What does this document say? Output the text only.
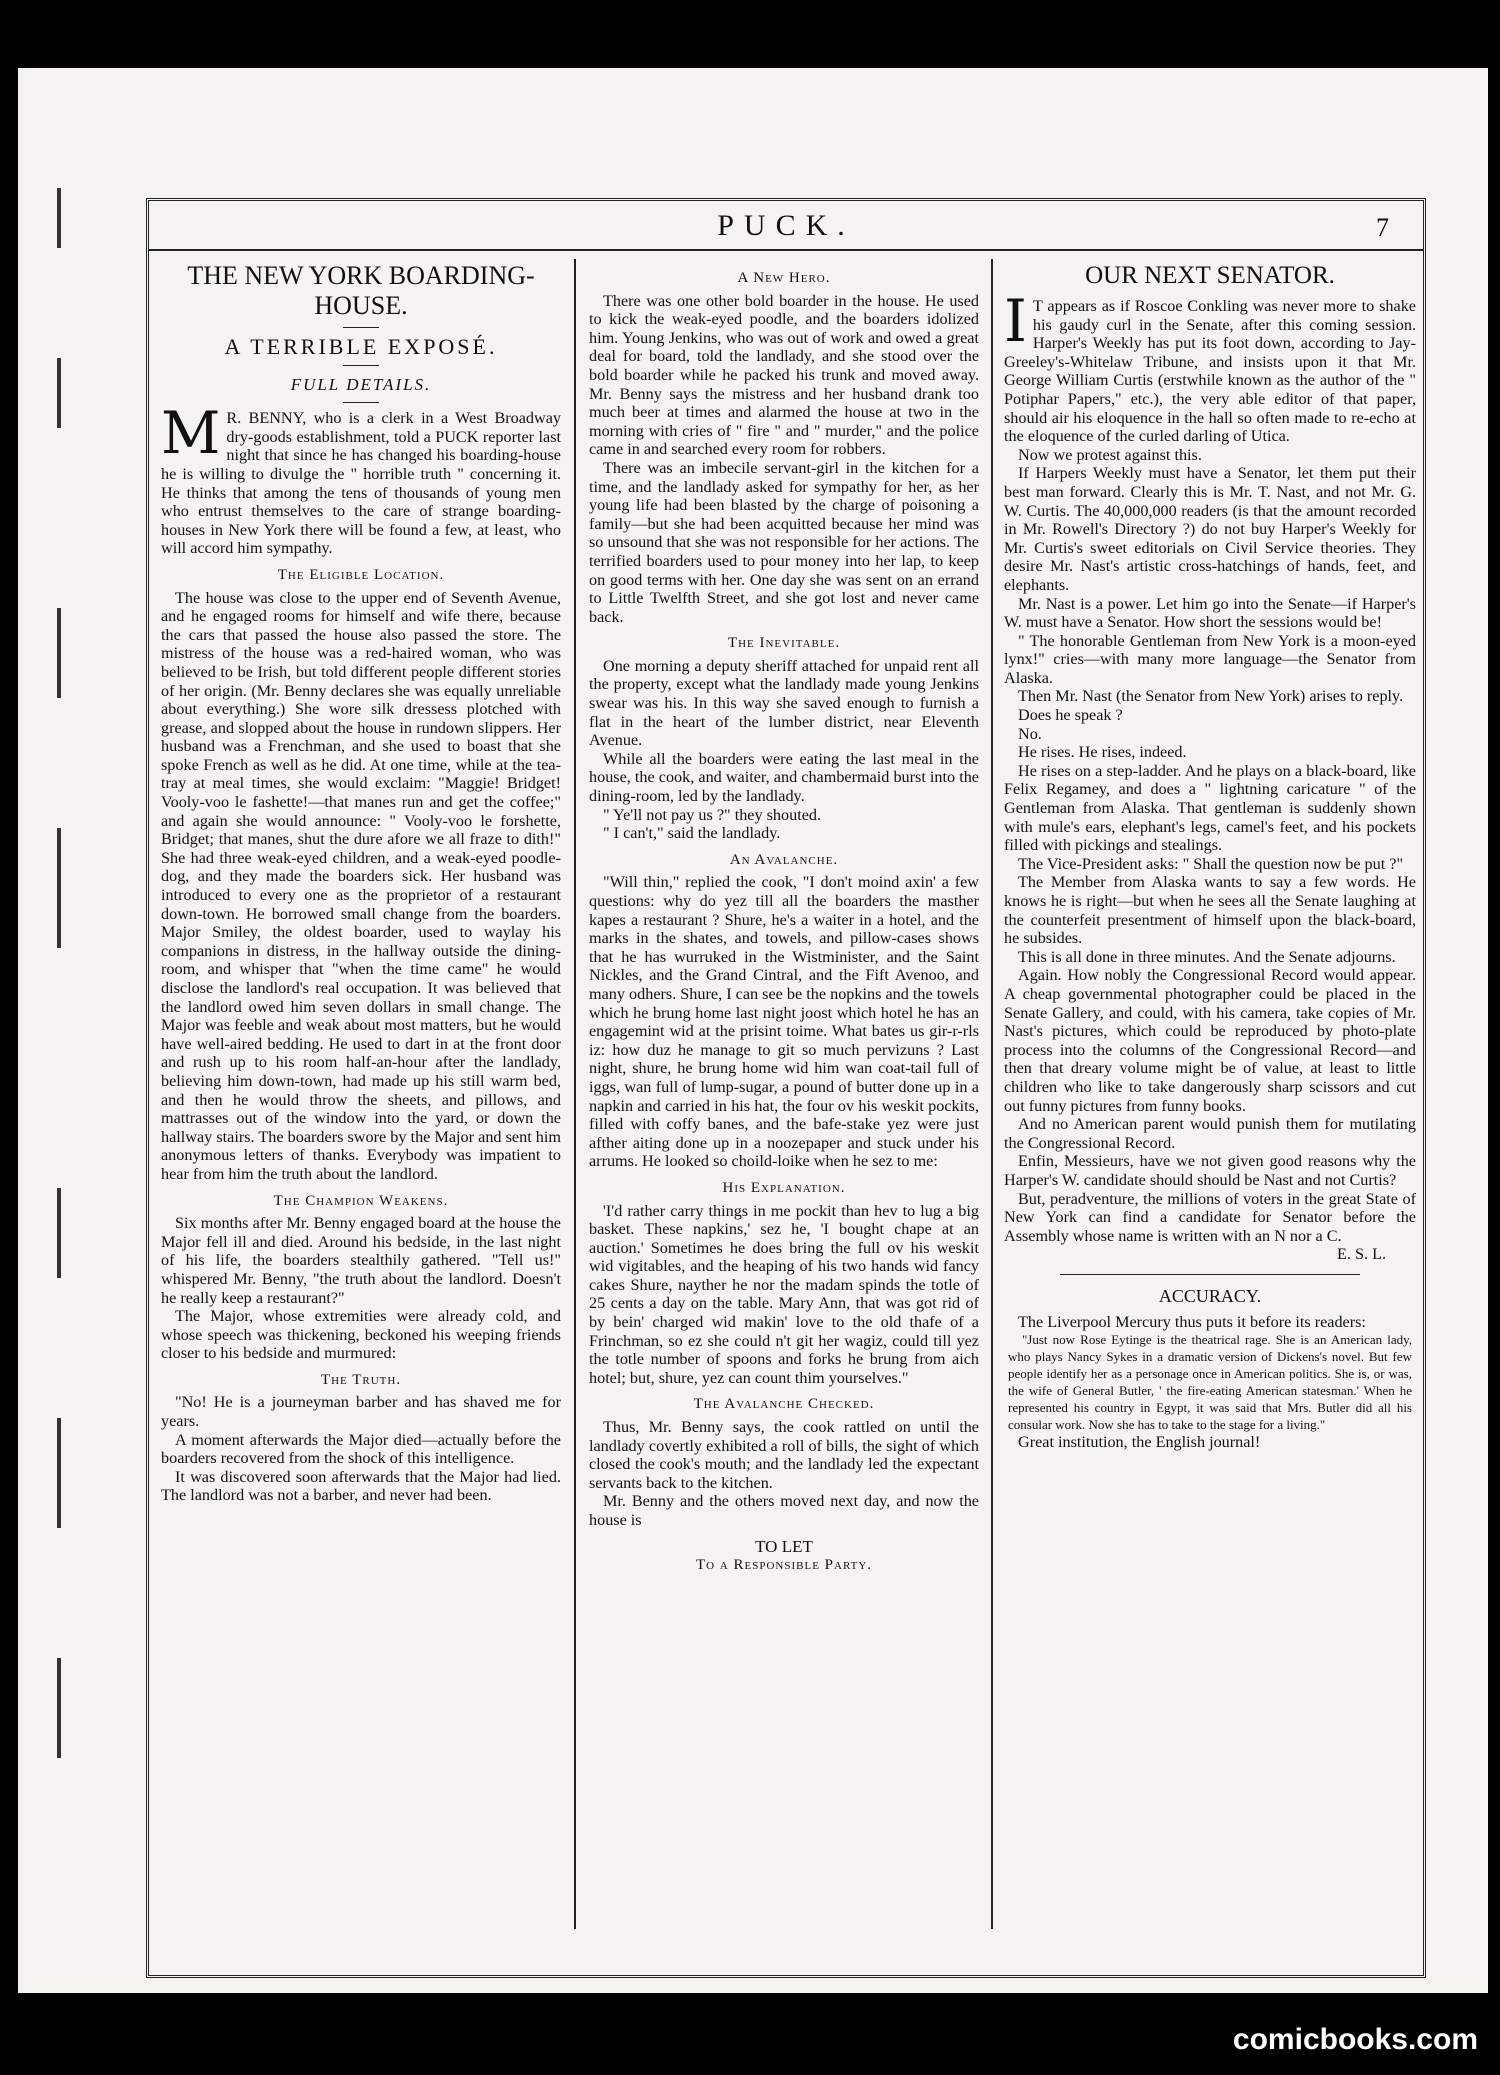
PUCK.	7
THE NEW YORK BOARDING-HOUSE.
A TERRIBLE EXPOSÉ.
FULL DETAILS.

M R. BENNY, who is a clerk in a West Broadway dry-goods establishment, told a PUCK reporter last night that since he has changed his boarding-house he is willing to divulge the " horrible truth " concerning it. He thinks that among the tens of thousands of young men who entrust themselves to the care of strange boarding-houses in New York there will be found a few, at least, who will accord him sympathy.

The Eligible Location.

The house was close to the upper end of Seventh Avenue, and he engaged rooms for himself and wife there, because the cars that passed the house also passed the store. The mistress of the house was a red-haired woman, who was believed to be Irish, but told different people different stories of her origin. (Mr. Benny declares she was equally unreliable about everything.) She wore silk dressess plotched with grease, and slopped about the house in rundown slippers. Her husband was a Frenchman, and she used to boast that she spoke French as well as he did. At one time, while at the tea-tray at meal times, she would exclaim: "Maggie! Bridget! Vooly-voo le fashette!—that manes run and get the coffee;" and again she would announce: " Vooly-voo le forshette, Bridget; that manes, shut the dure afore we all fraze to dith!" She had three weak-eyed children, and a weak-eyed poodle-dog, and they made the boarders sick. Her husband was introduced to every one as the proprietor of a restaurant down-town. He borrowed small change from the boarders. Major Smiley, the oldest boarder, used to waylay his companions in distress, in the hallway outside the dining-room, and whisper that "when the time came" he would disclose the landlord's real occupation. It was believed that the landlord owed him seven dollars in small change. The Major was feeble and weak about most matters, but he would have well-aired bedding. He used to dart in at the front door and rush up to his room half-an-hour after the landlady, believing him down-town, had made up his still warm bed, and then he would throw the sheets, and pillows, and mattrasses out of the window into the yard, or down the hallway stairs. The boarders swore by the Major and sent him anonymous letters of thanks. Everybody was impatient to hear from him the truth about the landlord.

The Champion Weakens.

Six months after Mr. Benny engaged board at the house the Major fell ill and died. Around his bedside, in the last night of his life, the boarders stealthily gathered. "Tell us!" whispered Mr. Benny, "the truth about the landlord. Doesn't he really keep a restaurant?"

The Major, whose extremities were already cold, and whose speech was thickening, beckoned his weeping friends closer to his bedside and murmured:

The Truth.

"No! He is a journeyman barber and has shaved me for years.

A moment afterwards the Major died—actually before the boarders recovered from the shock of this intelligence.

It was discovered soon afterwards that the Major had lied. The landlord was not a barber, and never had been.

A New Hero.

There was one other bold boarder in the house. He used to kick the weak-eyed poodle, and the boarders idolized him. Young Jenkins, who was out of work and owed a great deal for board, told the landlady, and she stood over the bold boarder while he packed his trunk and moved away. Mr. Benny says the mistress and her husband drank too much beer at times and alarmed the house at two in the morning with cries of " fire " and " murder," and the police came in and searched every room for robbers.

There was an imbecile servant-girl in the kitchen for a time, and the landlady asked for sympathy for her, as her young life had been blasted by the charge of poisoning a family—but she had been acquitted because her mind was so unsound that she was not responsible for her actions. The terrified boarders used to pour money into her lap, to keep on good terms with her. One day she was sent on an errand to Little Twelfth Street, and she got lost and never came back.

The Inevitable.

One morning a deputy sheriff attached for unpaid rent all the property, except what the landlady made young Jenkins swear was his. In this way she saved enough to furnish a flat in the heart of the lumber district, near Eleventh Avenue.

While all the boarders were eating the last meal in the house, the cook, and waiter, and chambermaid burst into the dining-room, led by the landlady.

" Ye'll not pay us ?" they shouted.

" I can't," said the landlady.

An Avalanche.

"Will thin," replied the cook, "I don't moind axin' a few questions: why do yez till all the boarders the masther kapes a restaurant ? Shure, he's a waiter in a hotel, and the marks in the shates, and towels, and pillow-cases shows that he has wurruked in the Wistminister, and the Saint Nickles, and the Grand Cintral, and the Fift Avenoo, and many odhers. Shure, I can see be the nopkins and the towels which he brung home last night joost which hotel he has an engagemint wid at the prisint toime. What bates us gir-r-rls iz: how duz he manage to git so much pervizuns ? Last night, shure, he brung home wid him wan coat-tail full of iggs, wan full of lump-sugar, a pound of butter done up in a napkin and carried in his hat, the four ov his weskit pockits, filled with coffy banes, and the bafe-stake yez were just afther aiting done up in a noozepaper and stuck under his arrums. He looked so choild-loike when he sez to me:

His Explanation.

'I'd rather carry things in me pockit than hev to lug a big basket. These napkins,' sez he, 'I bought chape at an auction.' Sometimes he does bring the full ov his weskit wid vigitables, and the heaping of his two hands wid fancy cakes Shure, nayther he nor the madam spinds the totle of 25 cents a day on the table. Mary Ann, that was got rid of by bein' charged wid makin' love to the old thafe of a Frinchman, so ez she could n't git her wagiz, could till yez the totle number of spoons and forks he brung from aich hotel; but, shure, yez can count thim yourselves."

The Avalanche Checked.

Thus, Mr. Benny says, the cook rattled on until the landlady covertly exhibited a roll of bills, the sight of which closed the cook's mouth; and the landlady led the expectant servants back to the kitchen.

Mr. Benny and the others moved next day, and now the house is

TO LET
To a Responsible Party.
OUR NEXT SENATOR.

I T appears as if Roscoe Conkling was never more to shake his gaudy curl in the Senate, after this coming session. Harper's Weekly has put its foot down, according to Jay-Greeley's-Whitelaw Tribune, and insists upon it that Mr. George William Curtis (erstwhile known as the author of the " Potiphar Papers," etc.), the very able editor of that paper, should air his eloquence in the hall so often made to re-echo at the eloquence of the curled darling of Utica.

Now we protest against this.

If Harpers Weekly must have a Senator, let them put their best man forward. Clearly this is Mr. T. Nast, and not Mr. G. W. Curtis. The 40,000,000 readers (is that the amount recorded in Mr. Rowell's Directory ?) do not buy Harper's Weekly for Mr. Curtis's sweet editorials on Civil Service theories. They desire Mr. Nast's artistic cross-hatchings of hands, feet, and elephants.

Mr. Nast is a power. Let him go into the Senate—if Harper's W. must have a Senator. How short the sessions would be!

" The honorable Gentleman from New York is a moon-eyed lynx!" cries—with many more language—the Senator from Alaska.

Then Mr. Nast (the Senator from New York) arises to reply.

Does he speak ?

No.

He rises. He rises, indeed.

He rises on a step-ladder. And he plays on a black-board, like Felix Regamey, and does a " lightning caricature " of the Gentleman from Alaska. That gentleman is suddenly shown with mule's ears, elephant's legs, camel's feet, and his pockets filled with pickings and stealings.

The Vice-President asks: " Shall the question now be put ?"

The Member from Alaska wants to say a few words. He knows he is right—but when he sees all the Senate laughing at the counterfeit presentment of himself upon the black-board, he subsides.

This is all done in three minutes. And the Senate adjourns.

Again. How nobly the Congressional Record would appear. A cheap governmental photographer could be placed in the Senate Gallery, and could, with his camera, take copies of Mr. Nast's pictures, which could be reproduced by photo-plate process into the columns of the Congressional Record—and then that dreary volume might be of value, at least to little children who like to take dangerously sharp scissors and cut out funny pictures from funny books.

And no American parent would punish them for mutilating the Congressional Record.

Enfin, Messieurs, have we not given good reasons why the Harper's W. candidate should should be Nast and not Curtis?

But, peradventure, the millions of voters in the great State of New York can find a candidate for Senator before the Assembly whose name is written with an N nor a C.

E. S. L.
ACCURACY.

The Liverpool Mercury thus puts it before its readers:

"Just now Rose Eytinge is the theatrical rage. She is an American lady, who plays Nancy Sykes in a dramatic version of Dickens's novel. But few people identify her as a personage once in American politics. She is, or was, the wife of General Butler, ' the fire-eating American statesman.' When he represented his country in Egypt, it was said that Mrs. Butler did all his consular work. Now she has to take to the stage for a living."

Great institution, the English journal!

comicbooks.com
